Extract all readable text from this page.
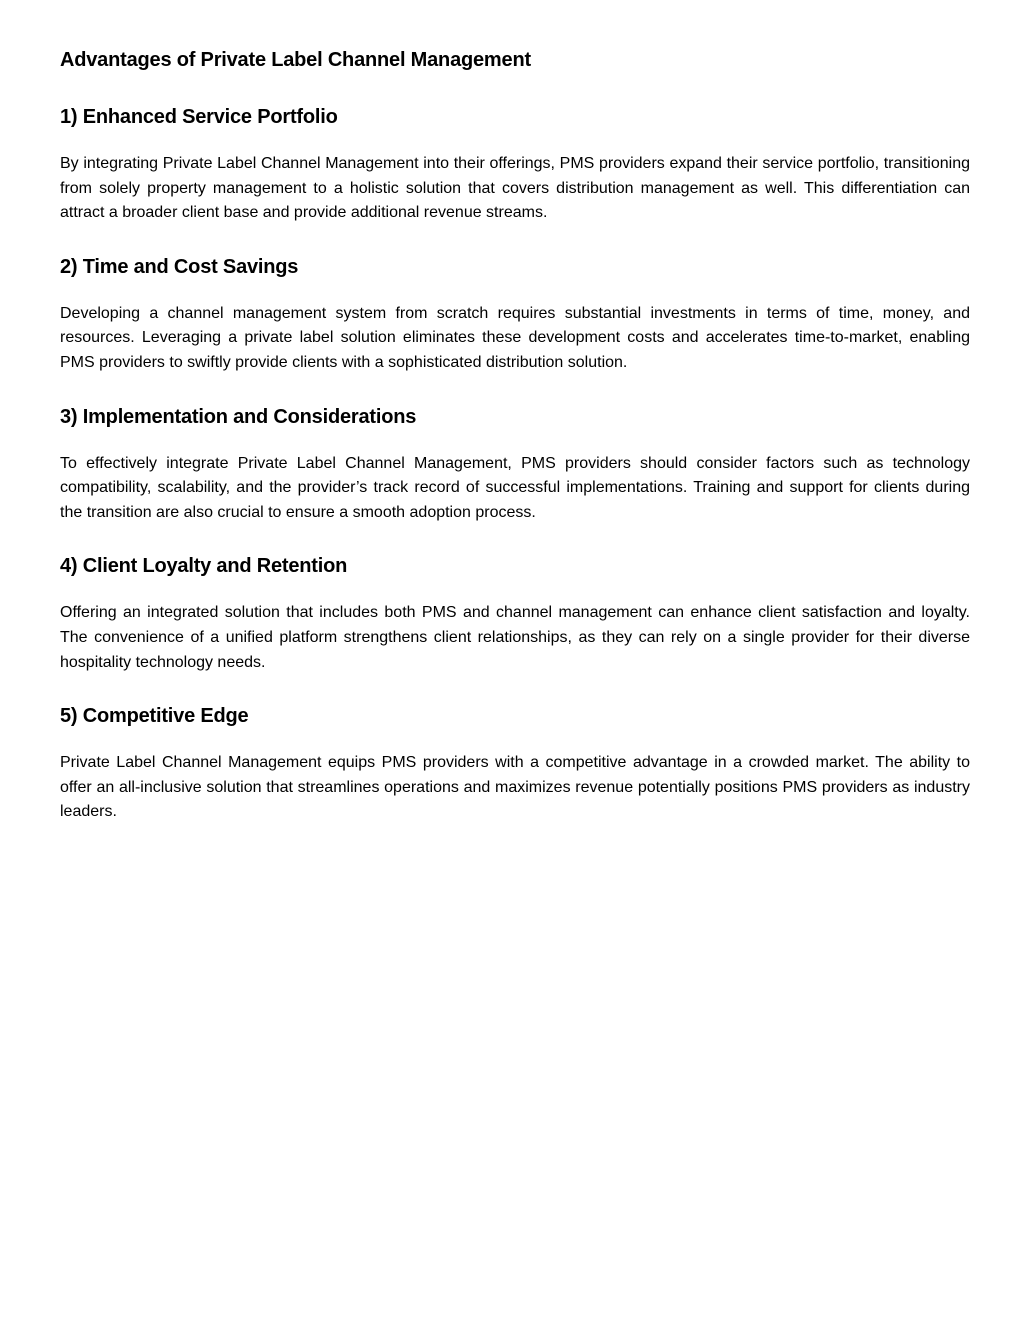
Advantages of Private Label Channel Management
1) Enhanced Service Portfolio

By integrating Private Label Channel Management into their offerings, PMS providers expand their service portfolio, transitioning from solely property management to a holistic solution that covers distribution management as well. This differentiation can attract a broader client base and provide additional revenue streams.

2) Time and Cost Savings

Developing a channel management system from scratch requires substantial investments in terms of time, money, and resources. Leveraging a private label solution eliminates these development costs and accelerates time-to-market, enabling PMS providers to swiftly provide clients with a sophisticated distribution solution.

3) Implementation and Considerations

To effectively integrate Private Label Channel Management, PMS providers should consider factors such as technology compatibility, scalability, and the provider’s track record of successful implementations. Training and support for clients during the transition are also crucial to ensure a smooth adoption process.

4) Client Loyalty and Retention

Offering an integrated solution that includes both PMS and channel management can enhance client satisfaction and loyalty. The convenience of a unified platform strengthens client relationships, as they can rely on a single provider for their diverse hospitality technology needs.

5) Competitive Edge

Private Label Channel Management equips PMS providers with a competitive advantage in a crowded market. The ability to offer an all-inclusive solution that streamlines operations and maximizes revenue potentially positions PMS providers as industry leaders.
